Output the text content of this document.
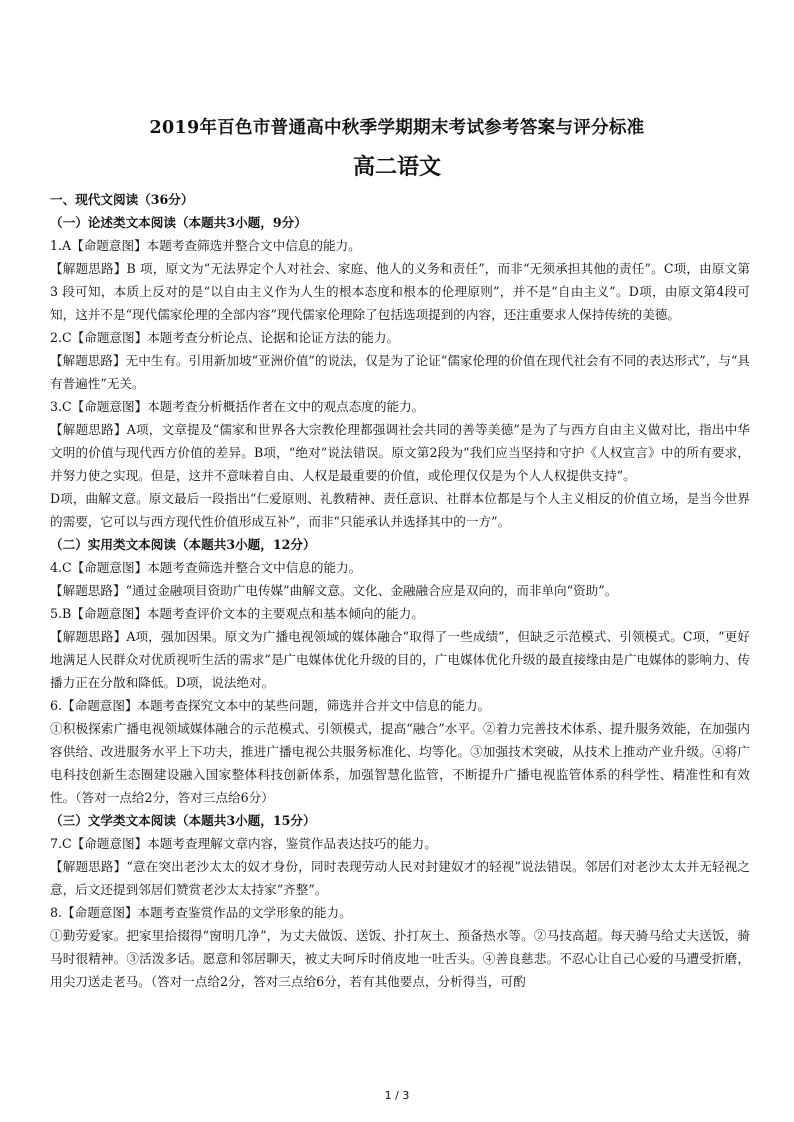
2019年百色市普通高中秋季学期期末考试参考答案与评分标准
高二语文

一、现代文阅读（36分）

（一）论述类文本阅读（本题共3小题，9分）

1.A【命题意图】本题考查筛选并整合文中信息的能力。

【解题思路】B 项，原文为“无法界定个人对社会、家庭、他人的义务和责任”，而非“无须承担其他的责任”。C项，由原文第 3 段可知，本质上反对的是“以自由主义作为人生的根本态度和根本的伦理原则”，并不是“自由主义”。D项，由原文第4段可知，这并不是“现代儒家伦理的全部内容”现代儒家伦理除了包括选项提到的内容，还注重要求人保持传统的美德。

2.C【命题意图】本题考查分析论点、论据和论证方法的能力。

【解题思路】无中生有。引用新加坡“亚洲价值”的说法，仅是为了论证“儒家伦理的价值在现代社会有不同的表达形式”，与“具有普遍性”无关。

3.C【命题意图】本题考查分析概括作者在文中的观点态度的能力。

【解题思路】A项，文章提及“儒家和世界各大宗教伦理都强调社会共同的善等美德”是为了与西方自由主义做对比，指出中华文明的价值与现代西方价值的差异。B项，“绝对”说法错误。原文第2段为“我们应当坚持和守护《人权宣言》中的所有要求，并努力使之实现。但是，这并不意味着自由、人权是最重要的价值，或伦理仅仅是为个人人权提供支持”。

D项，曲解文意。原文最后一段指出“仁爱原则、礼教精神、责任意识、社群本位都是与个人主义相反的价值立场，是当今世界的需要，它可以与西方现代性价值形成互补”，而非“只能承认并选择其中的一方”。

（二）实用类文本阅读（本题共3小题，12分）

4.C【命题意图】本题考查筛选并整合文中信息的能力。

【解题思路】“通过金融项目资助广电传媒”曲解文意。文化、金融融合应是双向的，而非单向“资助”。

5.B【命题意图】本题考查评价文本的主要观点和基本倾向的能力。

【解题思路】A项，强加因果。原文为广播电视领域的媒体融合“取得了一些成绩”，但缺乏示范模式、引领模式。C项，“更好地满足人民群众对优质视听生活的需求”是广电媒体优化升级的目的，广电媒体优化升级的最直接缘由是广电媒体的影响力、传播力正在分散和降低。D项，说法绝对。

6.【命题意图】本题考查探究文本中的某些问题，筛选并合并文中信息的能力。

①积极探索广播电视领域媒体融合的示范模式、引领模式，提高“融合”水平。②着力完善技术体系、提升服务效能，在加强内容供给、改进服务水平上下功夫，推进广播电视公共服务标准化、均等化。③加强技术突破，从技术上推动产业升级。④将广电科技创新生态圈建设融入国家整体科技创新体系，加强智慧化监管，不断提升广播电视监管体系的科学性、精准性和有效性。（答对一点给2分，答对三点给6分）

（三）文学类文本阅读（本题共3小题，15分）

7.C【命题意图】本题考查理解文章内容，鉴赏作品表达技巧的能力。

【解题思路】“意在突出老沙太太的奴才身份，同时表现劳动人民对封建奴才的轻视”说法错误。邻居们对老沙太太并无轻视之意，后文还提到邻居们赞赏老沙太太持家“齐整”。

8.【命题意图】本题考查鉴赏作品的文学形象的能力。

①勤劳爱家。把家里拾掇得“窗明几净”，为丈夫做饭、送饭、扑打灰土、预备热水等。②马技高超。每天骑马给丈夫送饭，骑马时很精神。③活泼多话。愿意和邻居聊天，被丈夫呵斥时俏皮地一吐舌头。④善良慈悲。不忍心让自己心爱的马遭受折磨，用尖刀送走老马。（答对一点给2分，答对三点给6分，若有其他要点，分析得当，可酌

1 / 3
